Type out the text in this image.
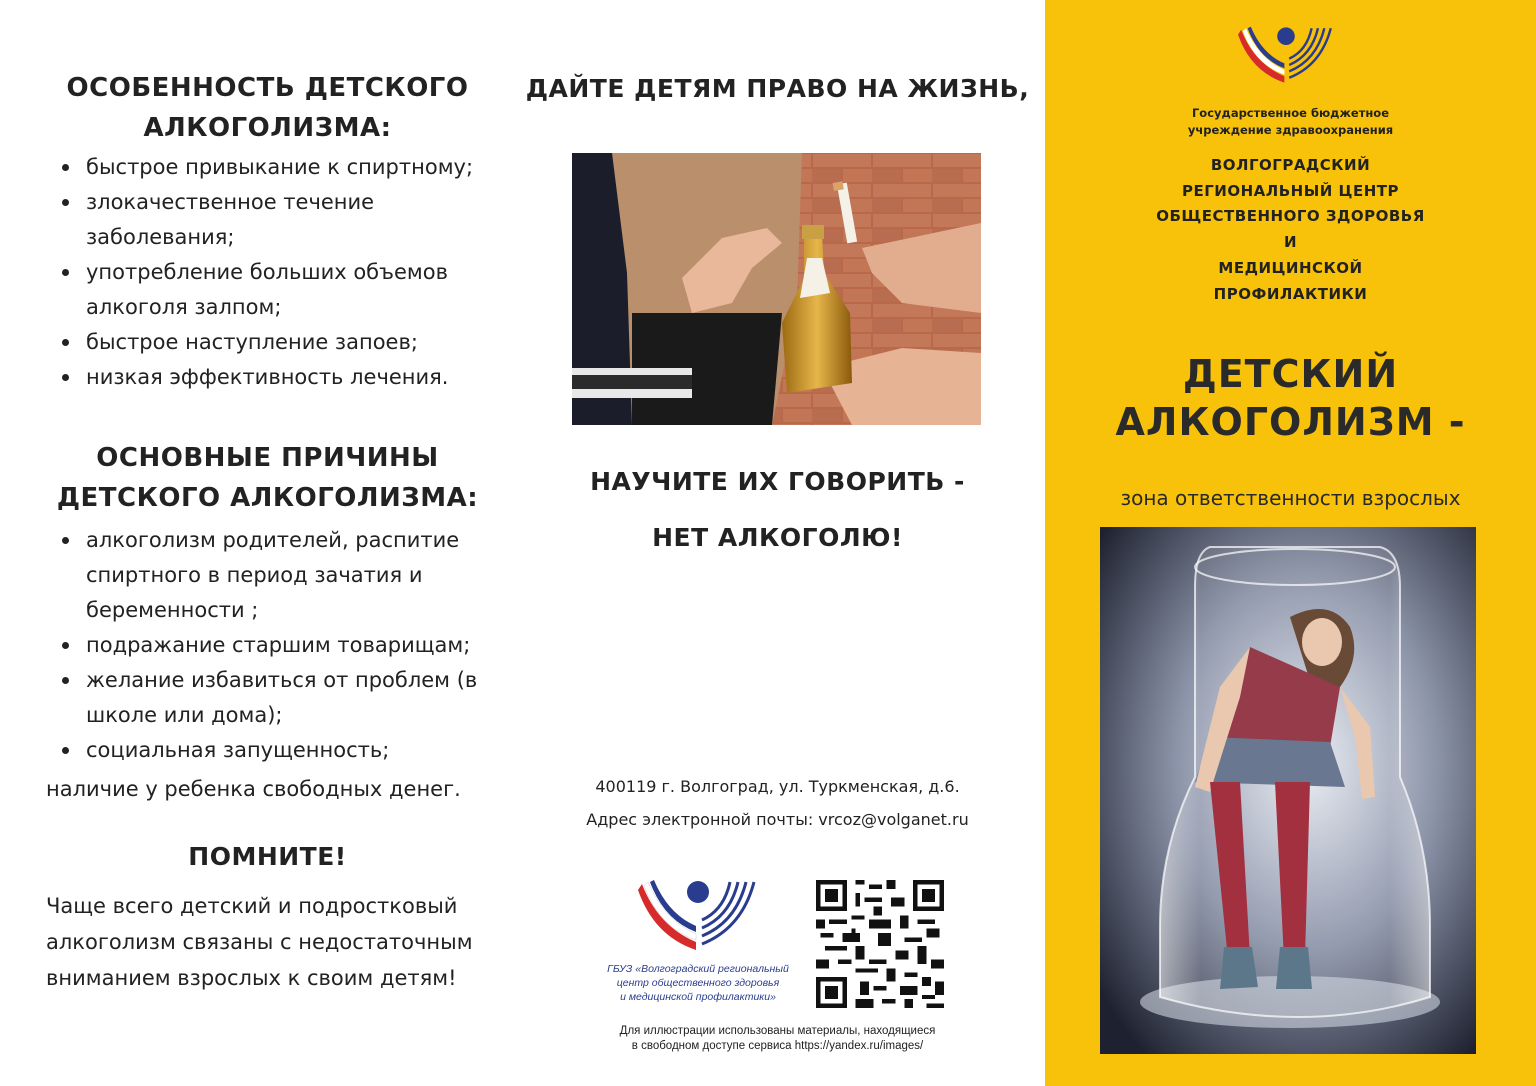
ОСОБЕННОСТЬ ДЕТСКОГО
АЛКОГОЛИЗМА:
быстрое привыкание к спиртному;
злокачественное течение
заболевания;
употребление больших объемов
алкоголя залпом;
быстрое наступление запоев;
низкая эффективность лечения.
ОСНОВНЫЕ ПРИЧИНЫ
ДЕТСКОГО АЛКОГОЛИЗМА:
алкоголизм родителей, распитие
спиртного в период зачатия и
беременности ;
подражание старшим товарищам;
желание избавиться от проблем (в
школе или дома);
социальная запущенность;
наличие у ребенка свободных денег.
ПОМНИТЕ!
Чаще всего детский и подростковый
алкоголизм связаны с недостаточным
вниманием взрослых к своим детям!
ДАЙТЕ ДЕТЯМ ПРАВО НА ЖИЗНЬ,
НАУЧИТЕ ИХ ГОВОРИТЬ -
НЕТ АЛКОГОЛЮ!
400119 г. Волгоград, ул. Туркменская, д.6.
Адрес электронной почты: vrcoz@volganet.ru
ГБУЗ «Волгоградский региональный
центр общественного здоровья
и медицинской профилактики»
Для иллюстрации использованы материалы, находящиеся
в свободном доступе сервиса https://yandex.ru/images/
Государственное бюджетное
учреждение здравоохранения
ВОЛГОГРАДСКИЙ
РЕГИОНАЛЬНЫЙ ЦЕНТР
ОБЩЕСТВЕННОГО ЗДОРОВЬЯ
И
МЕДИЦИНСКОЙ
ПРОФИЛАКТИКИ
ДЕТСКИЙ
АЛКОГОЛИЗМ -
зона ответственности взрослых
